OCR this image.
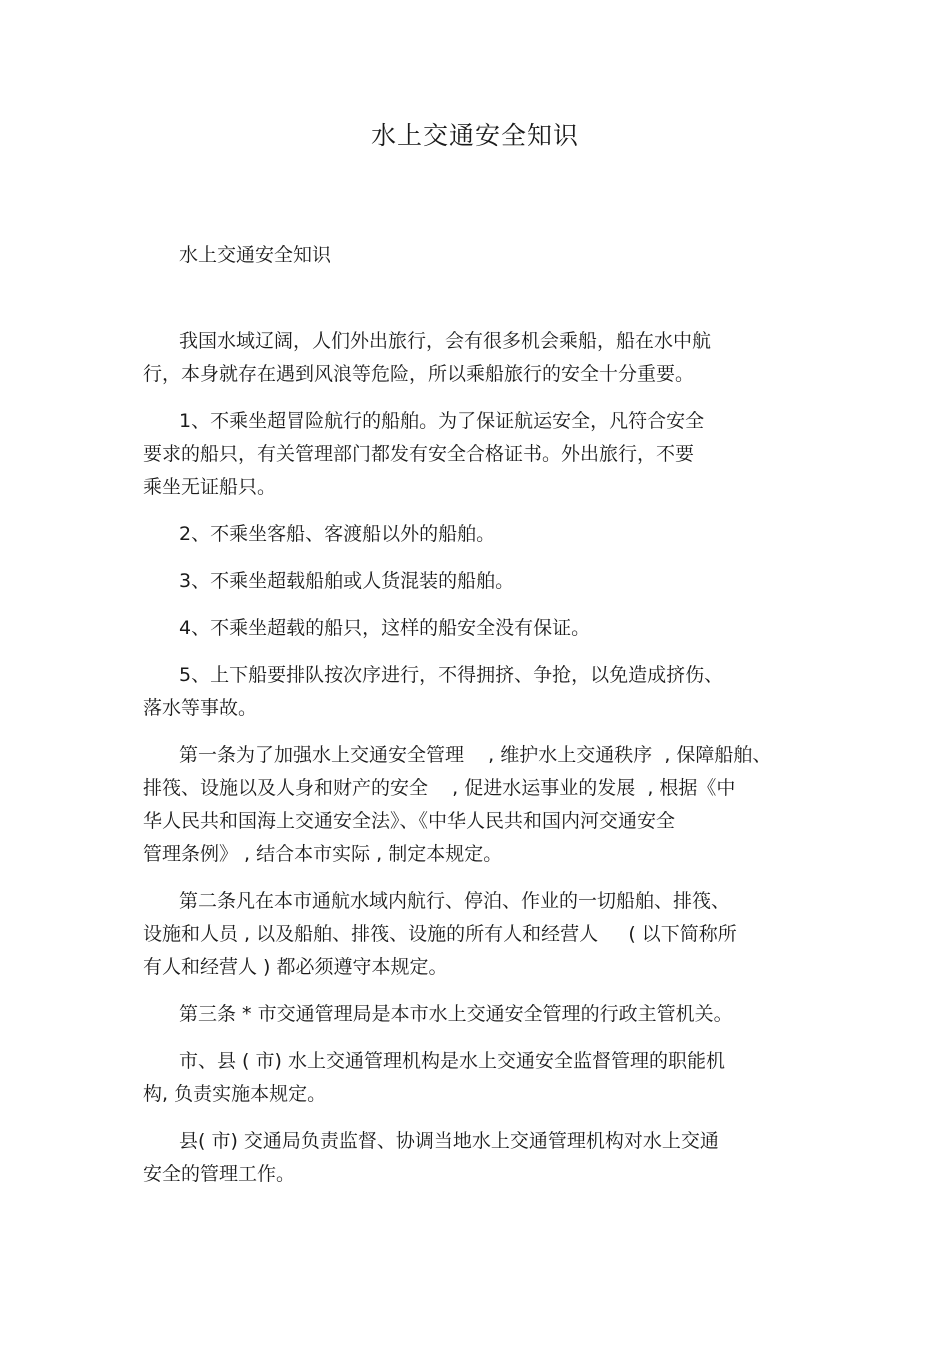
水上交通安全知识
水上交通安全知识

我国水域辽阔，人们外出旅行，会有很多机会乘船，船在水中航
行，本身就存在遇到风浪等危险，所以乘船旅行的安全十分重要。

1、不乘坐超冒险航行的船舶。为了保证航运安全，凡符合安全
要求的船只，有关管理部门都发有安全合格证书。外出旅行，不要
乘坐无证船只。

2、不乘坐客船、客渡船以外的船舶。

3、不乘坐超载船舶或人货混装的船舶。

4、不乘坐超载的船只，这样的船安全没有保证。

5、上下船要排队按次序进行，不得拥挤、争抢，以免造成挤伤、
落水等事故。

第一条为了加强水上交通安全管理    , 维护水上交通秩序  , 保障船舶、
排筏、设施以及人身和财产的安全    , 促进水运事业的发展  , 根据《中
华人民共和国海上交通安全法》、《中华人民共和国内河交通安全
管理条例》 , 结合本市实际 , 制定本规定。

第二条凡在本市通航水域内航行、停泊、作业的一切船舶、排筏、
设施和人员 , 以及船舶、排筏、设施的所有人和经营人     ( 以下简称所
有人和经营人 ) 都必须遵守本规定。

第三条 * 市交通管理局是本市水上交通安全管理的行政主管机关。

市、县 ( 市) 水上交通管理机构是水上交通安全监督管理的职能机
构, 负责实施本规定。

县( 市) 交通局负责监督、协调当地水上交通管理机构对水上交通
安全的管理工作。
